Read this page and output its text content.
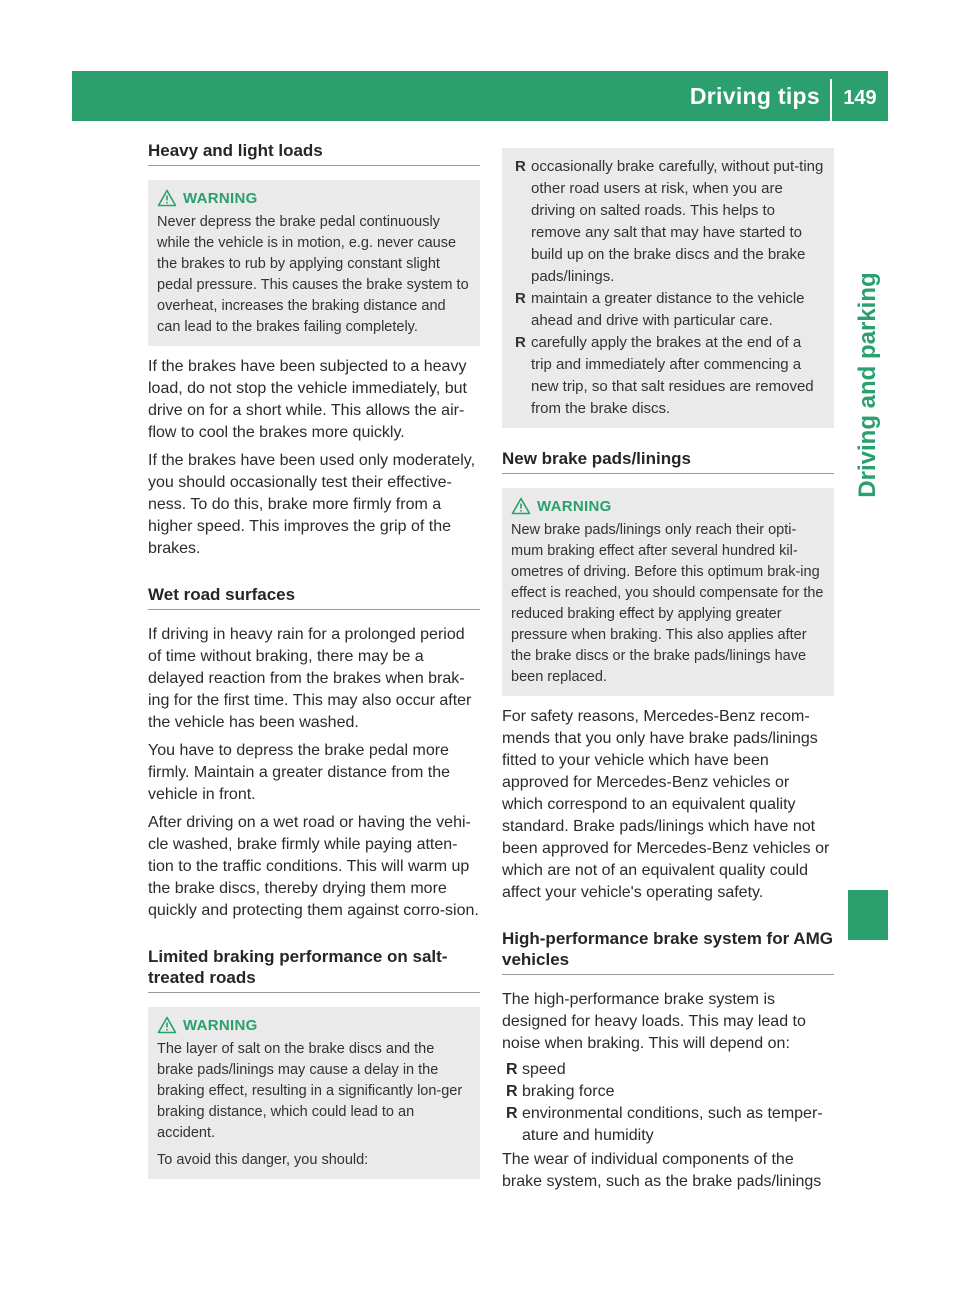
Driving tips	149
Driving and parking
Heavy and light loads
WARNING

Never depress the brake pedal continuously while the vehicle is in motion, e.g. never cause the brakes to rub by applying constant slight pedal pressure. This causes the brake system to overheat, increases the braking distance and can lead to the brakes failing completely.

If the brakes have been subjected to a heavy load, do not stop the vehicle immediately, but drive on for a short while. This allows the air-flow to cool the brakes more quickly.

If the brakes have been used only moderately, you should occasionally test their effective-ness. To do this, brake more firmly from a higher speed. This improves the grip of the brakes.

Wet road surfaces

If driving in heavy rain for a prolonged period of time without braking, there may be a delayed reaction from the brakes when brak-ing for the first time. This may also occur after the vehicle has been washed.

You have to depress the brake pedal more firmly. Maintain a greater distance from the vehicle in front.

After driving on a wet road or having the vehi-cle washed, brake firmly while paying atten-tion to the traffic conditions. This will warm up the brake discs, thereby drying them more quickly and protecting them against corro-sion.

Limited braking performance on salt-treated roads
WARNING

The layer of salt on the brake discs and the brake pads/linings may cause a delay in the braking effect, resulting in a significantly lon-ger braking distance, which could lead to an accident.

To avoid this danger, you should:

R occasionally brake carefully, without put-ting other road users at risk, when you are driving on salted roads. This helps to remove any salt that may have started to build up on the brake discs and the brake pads/linings.
R maintain a greater distance to the vehicle ahead and drive with particular care.
R carefully apply the brakes at the end of a trip and immediately after commencing a new trip, so that salt residues are removed from the brake discs.
New brake pads/linings
WARNING

New brake pads/linings only reach their opti-mum braking effect after several hundred kil-ometres of driving. Before this optimum brak-ing effect is reached, you should compensate for the reduced braking effect by applying greater pressure when braking. This also applies after the brake discs or the brake pads/linings have been replaced.

For safety reasons, Mercedes-Benz recom-mends that you only have brake pads/linings fitted to your vehicle which have been approved for Mercedes-Benz vehicles or which correspond to an equivalent quality standard. Brake pads/linings which have not been approved for Mercedes-Benz vehicles or which are not of an equivalent quality could affect your vehicle's operating safety.

High-performance brake system for AMG vehicles

The high-performance brake system is designed for heavy loads. This may lead to noise when braking. This will depend on:

R speed
R braking force
R environmental conditions, such as temper-ature and humidity

The wear of individual components of the brake system, such as the brake pads/linings
